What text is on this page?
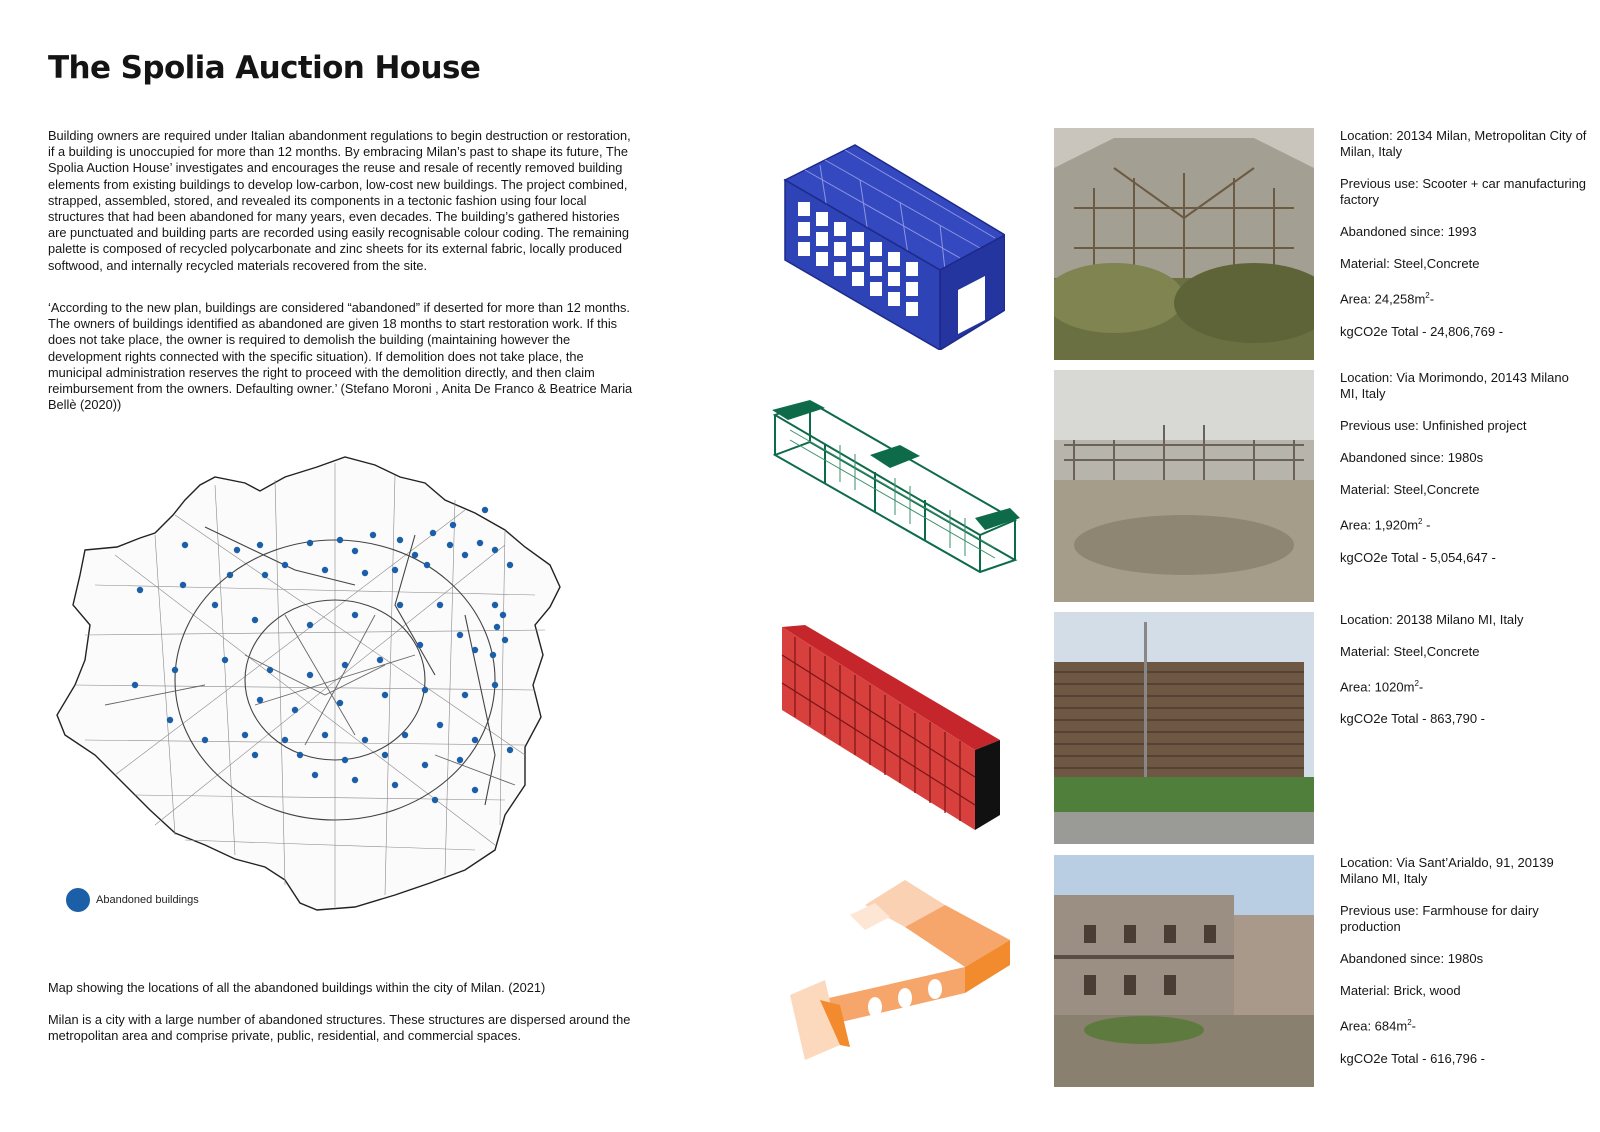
The Spolia Auction House

Building owners are required under Italian abandonment regulations to begin destruction or restoration, if a building is unoccupied for more than 12 months. By embracing Milan’s past to shape its future, The Spolia Auction House’ investigates and encourages the reuse and resale of recently removed building elements from existing buildings to develop low-carbon, low-cost new buildings. The project combined, strapped, assembled, stored, and revealed its components in a tectonic fashion using four local structures that had been abandoned for many years, even decades. The building’s gathered histories are punctuated and building parts are recorded using easily recognisable colour coding. The remaining palette is composed of recycled polycarbonate and zinc sheets for its external fabric, locally produced softwood, and internally recycled materials recovered from the site.

‘According to the new plan, buildings are considered “abandoned” if deserted for more than 12 months. The owners of buildings identified as abandoned are given 18 months to start restoration work. If this does not take place, the owner is required to demolish the building (maintaining however the development rights connected with the specific situation). If demolition does not take place, the municipal administration reserves the right to proceed with the demolition directly, and then claim reimbursement from the owners. Defaulting owner.’ (Stefano Moroni , Anita De Franco & Beatrice Maria Bellè (2020))

Abandoned buildings

Map showing the locations of all the abandoned buildings within the city of Milan. (2021)

Milan is a city with a large number of abandoned structures. These structures are dispersed around the metropolitan area and comprise private, public, residential, and commercial spaces.

Location: 20134 Milan, Metropolitan City of Milan, Italy

Previous use: Scooter + car manufacturing factory

Abandoned since: 1993

Material: Steel,Concrete

Area: $24,258m^2-$

kgCO2e Total - 24,806,769 -

Location: Via Morimondo, 20143 Milano MI, Italy

Previous use: Unfinished project

Abandoned since: 1980s

Material: Steel,Concrete

Area: $1,920m^2$ -

kgCO2e Total - 5,054,647 -

Location: 20138 Milano MI, Italy

Material: Steel,Concrete

Area: $1020m^2-$

kgCO2e Total - 863,790 -

Location: Via Sant’Arialdo, 91, 20139 Milano MI, Italy

Previous use: Farmhouse for dairy production

Abandoned since: 1980s

Material: Brick, wood

Area: $684m^2-$

kgCO2e Total - 616,796 -
